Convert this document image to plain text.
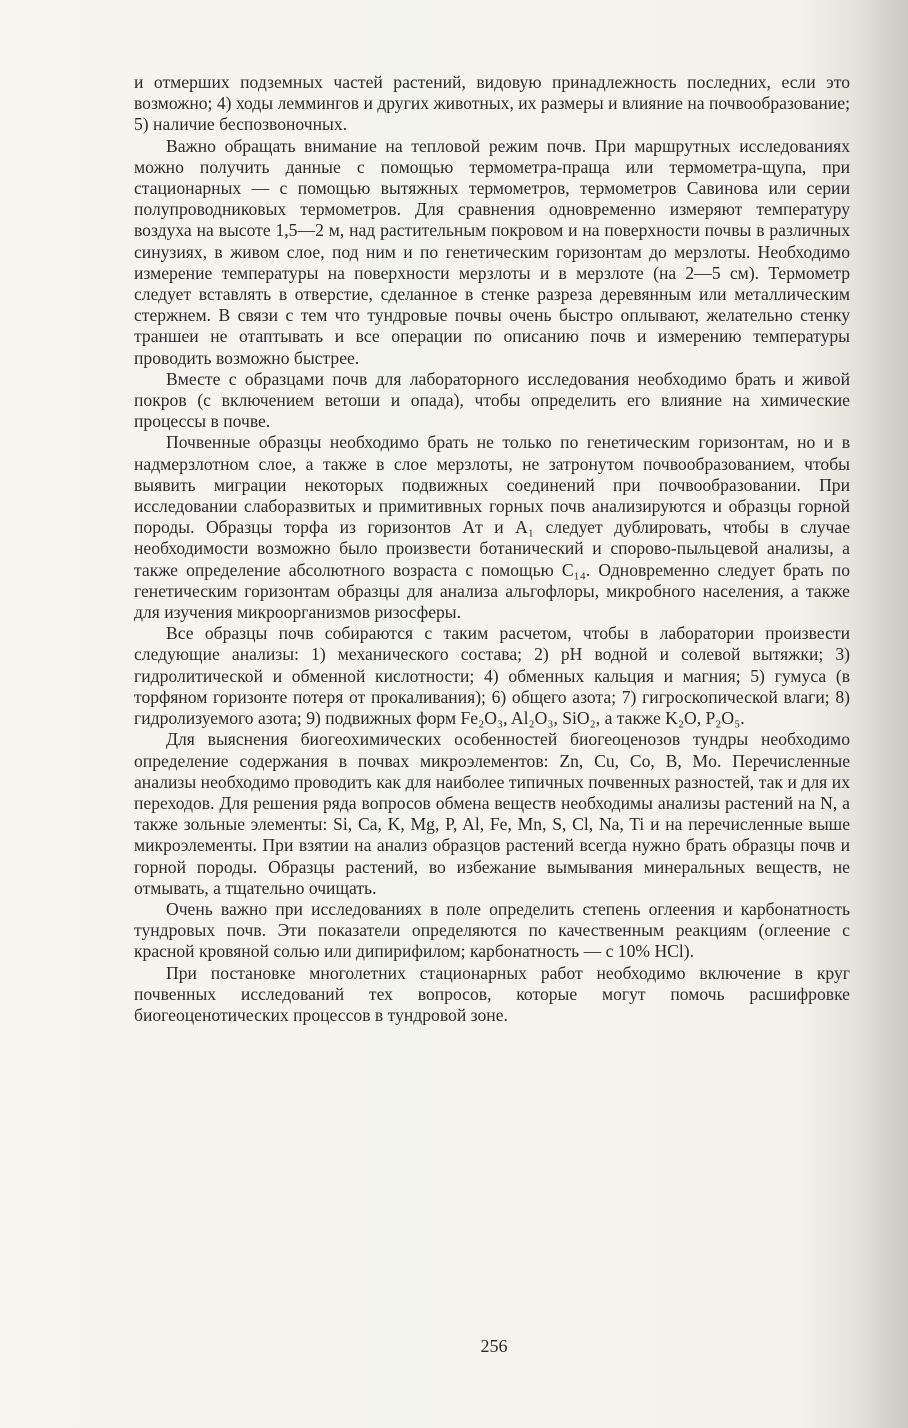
и отмерших подземных частей растений, видовую принадлежность последних, если это возможно; 4) ходы леммингов и других животных, их размеры и влияние на почвообразование; 5) наличие беспозвоночных.

Важно обращать внимание на тепловой режим почв. При маршрутных исследованиях можно получить данные с помощью термометра-праща или термометра-щупа, при стационарных — с помощью вытяжных термометров, термометров Савинова или серии полупроводниковых термометров. Для сравнения одновременно измеряют температуру воздуха на высоте 1,5—2 м, над растительным покровом и на поверхности почвы в различных синузиях, в живом слое, под ним и по генетическим горизонтам до мерзлоты. Необходимо измерение температуры на поверхности мерзлоты и в мерзлоте (на 2—5 см). Термометр следует вставлять в отверстие, сделанное в стенке разреза деревянным или металлическим стержнем. В связи с тем что тундровые почвы очень быстро оплывают, желательно стенку траншеи не отаптывать и все операции по описанию почв и измерению температуры проводить возможно быстрее.

Вместе с образцами почв для лабораторного исследования необходимо брать и живой покров (с включением ветоши и опада), чтобы определить его влияние на химические процессы в почве.

Почвенные образцы необходимо брать не только по генетическим горизонтам, но и в надмерзлотном слое, а также в слое мерзлоты, не затронутом почвообразованием, чтобы выявить миграции некоторых подвижных соединений при почвообразовании. При исследовании слаборазвитых и примитивных горных почв анализируются и образцы горной породы. Образцы торфа из горизонтов Aт и A₁ следует дублировать, чтобы в случае необходимости возможно было произвести ботанический и спорово-пыльцевой анализы, а также определение абсолютного возраста с помощью C₁₄. Одновременно следует брать по генетическим горизонтам образцы для анализа альгофлоры, микробного населения, а также для изучения микроорганизмов ризосферы.

Все образцы почв собираются с таким расчетом, чтобы в лаборатории произвести следующие анализы: 1) механического состава; 2) pH водной и солевой вытяжки; 3) гидролитической и обменной кислотности; 4) обменных кальция и магния; 5) гумуса (в торфяном горизонте потеря от прокаливания); 6) общего азота; 7) гигроскопической влаги; 8) гидролизуемого азота; 9) подвижных форм Fe₂O₃, Al₂O₃, SiO₂, а также K₂O, P₂O₅.

Для выяснения биогеохимических особенностей биогеоценозов тундры необходимо определение содержания в почвах микроэлементов: Zn, Cu, Co, B, Mo. Перечисленные анализы необходимо проводить как для наиболее типичных почвенных разностей, так и для их переходов. Для решения ряда вопросов обмена веществ необходимы анализы растений на N, а также зольные элементы: Si, Ca, K, Mg, P, Al, Fe, Mn, S, Cl, Na, Ti и на перечисленные выше микроэлементы. При взятии на анализ образцов растений всегда нужно брать образцы почв и горной породы. Образцы растений, во избежание вымывания минеральных веществ, не отмывать, а тщательно очищать.

Очень важно при исследованиях в поле определить степень оглеения и карбонатность тундровых почв. Эти показатели определяются по качественным реакциям (оглеение с красной кровяной солью или дипирифилом; карбонатность — с 10% HCl).

При постановке многолетних стационарных работ необходимо включение в круг почвенных исследований тех вопросов, которые могут помочь расшифровке биогеоценотических процессов в тундровой зоне.

256
